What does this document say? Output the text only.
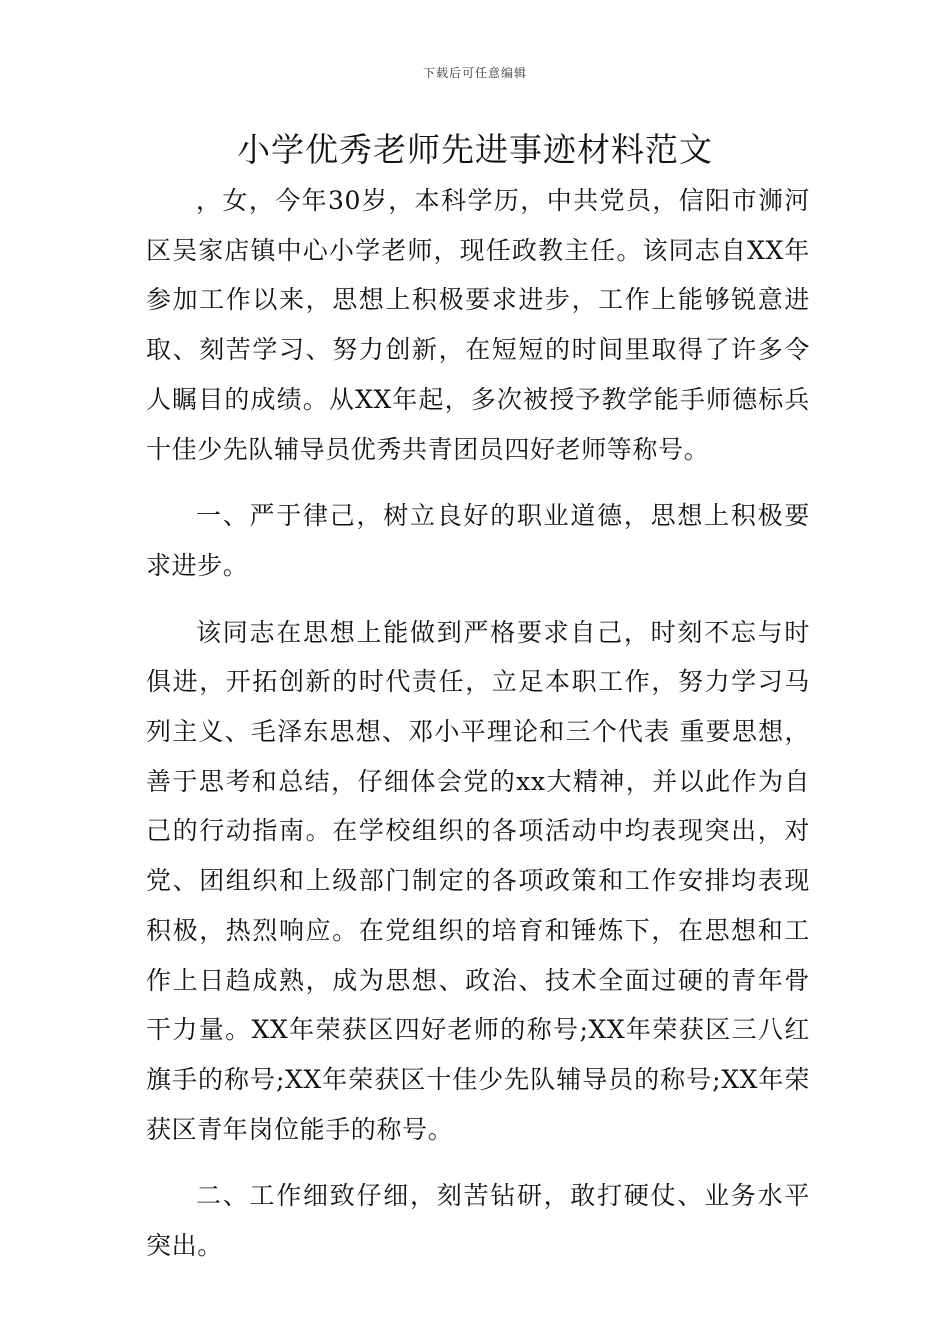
下载后可任意编辑
小学优秀老师先进事迹材料范文

，女，今年30岁，本科学历，中共党员，信阳市浉河区吴家店镇中心小学老师，现任政教主任。该同志自XX年参加工作以来，思想上积极要求进步，工作上能够锐意进取、刻苦学习、努力创新，在短短的时间里取得了许多令人瞩目的成绩。从XX年起，多次被授予教学能手师德标兵十佳少先队辅导员优秀共青团员四好老师等称号。

一、严于律己，树立良好的职业道德，思想上积极要求进步。

该同志在思想上能做到严格要求自己，时刻不忘与时俱进，开拓创新的时代责任，立足本职工作，努力学习马列主义、毛泽东思想、邓小平理论和三个代表 重要思想，善于思考和总结，仔细体会党的xx大精神，并以此作为自己的行动指南。在学校组织的各项活动中均表现突出，对党、团组织和上级部门制定的各项政策和工作安排均表现积极，热烈响应。在党组织的培育和锤炼下，在思想和工作上日趋成熟，成为思想、政治、技术全面过硬的青年骨干力量。XX年荣获区四好老师的称号;XX年荣获区三八红旗手的称号;XX年荣获区十佳少先队辅导员的称号;XX年荣获区青年岗位能手的称号。

二、工作细致仔细，刻苦钻研，敢打硬仗、业务水平突出。
